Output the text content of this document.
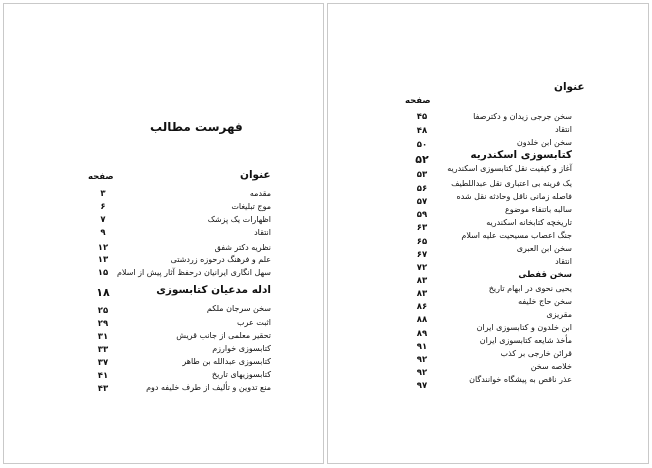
فهرست مطالب
عنوان
صفحه
مقدمه
۳
موج تبلیغات
۶
اظهارات یک پزشک
۷
انتقاد
۹
نظریه دکتر شفق
۱۲
علم و فرهنگ درحوزه زردشتی
۱۳
سهل انگاری ایرانیان درحفظ آثار پیش از اسلام
۱۵
ادله مدعیان کتابسوزی
۱۸
سخن سرجان ملکم
۲۵
اثبت عرب
۲۹
تحقیر معلمی از جانب قریش
۳۱
کتابسوزی خوارزم
۳۳
کتابسوزی عبدالله بن طاهر
۳۷
کتابسوزیهای تاریخ
۴۱
منع تدوین و تألیف از طرف خلیفه دوم
۴۳
عنوان
صفحه
سخن جرجی زیدان و دکترصفا
۴۵
انتقاد
۴۸
سخن ابن خلدون
۵۰
کتابسوزی اسکندریه
۵۲
آغاز و کیفیت نقل کتابسوزی اسکندریه
۵۳
یک فرینه بی اعتباری نقل عبداللطیف
۵۶
فاصله زمانی ناقل وحادثه نقل شده
۵۷
سالبه باتنفاء موضوع
۵۹
تاریخچه کتابخانه اسکندریه
۶۳
جنگ اعصاب مسیحیت علیه اسلام
۶۵
سخن ابن العبری
۶۷
انتقاد
۷۲
سخن قفطی
۸۳
یحیی نحوی در ابهام تاریخ
۸۳
سخن حاج خلیفه
۸۶
مقریزی
۸۸
ابن خلدون و کتابسوزی ایران
۸۹
مأخذ شایعه کتابسوزی ایران
۹۱
قرائن خارجی بر کذب
۹۲
خلاصه سخن
۹۲
عذر ناقص به پیشگاه خوانندگان
۹۷
